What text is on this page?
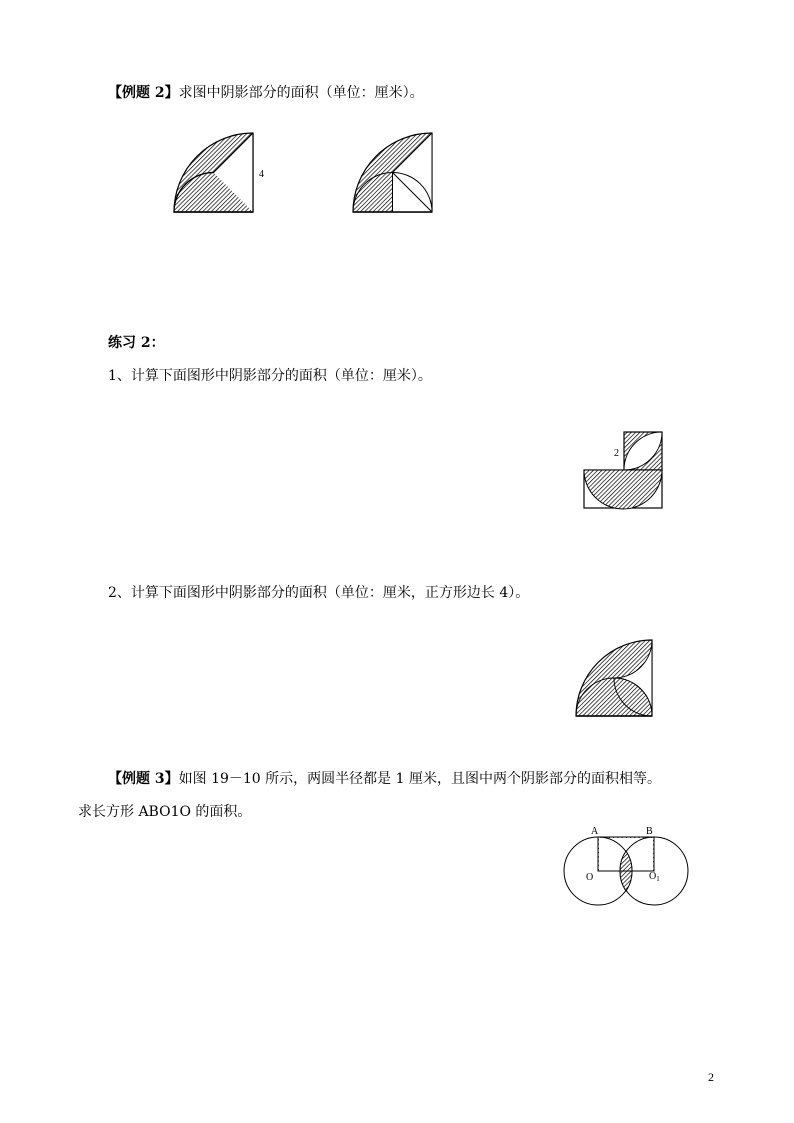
【例题 2】求图中阴影部分的面积（单位：厘米）。
4
练习 2：
1、计算下面图形中阴影部分的面积（单位：厘米）。
2
2、计算下面图形中阴影部分的面积（单位：厘米，正方形边长 4）。
【例题 3】如图 19－10 所示，两圆半径都是 1 厘米，且图中两个阴影部分的面积相等。
求长方形 ABO1O 的面积。
A	B
O	$O_1$
2
